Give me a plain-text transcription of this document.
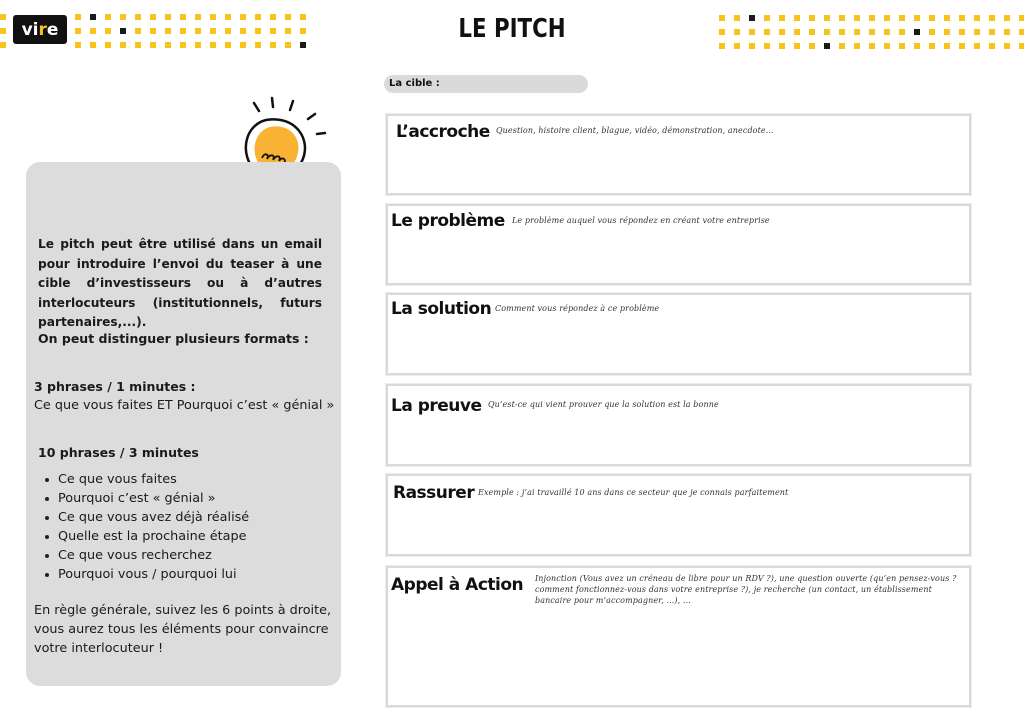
vi r e	LE PITCH
Le pitch peut être utilisé dans un email pour introduire l’envoi du teaser à une cible d’investisseurs ou à d’autres interlocuteurs (institutionnels, futurs partenaires,...).
On peut distinguer plusieurs formats :
3 phrases / 1 minutes :
Ce que vous faites ET Pourquoi c’est « génial »
10 phrases / 3 minutes
Ce que vous faites
Pourquoi c’est « génial »
Ce que vous avez déjà réalisé
Quelle est la prochaine étape
Ce que vous recherchez
Pourquoi vous / pourquoi lui
En règle générale, suivez les 6 points à droite, vous aurez tous les éléments pour convaincre votre interlocuteur !
La cible :
L’accroche Question, histoire client, blague, vidéo, démonstration, anecdote...
Le problème Le problème auquel vous répondez en créant votre entreprise
La solution Comment vous répondez à ce problème
La preuve Qu’est-ce qui vient prouver que la solution est la bonne
Rassurer Exemple : j’ai travaillé 10 ans dans ce secteur que je connais parfaitement
Appel à Action Injonction (Vous avez un créneau de libre pour un RDV ?), une question ouverte (qu’en pensez-vous ? comment fonctionnez-vous dans votre entreprise ?), je recherche (un contact, un établissement bancaire pour m’accompagner, ...), ...
